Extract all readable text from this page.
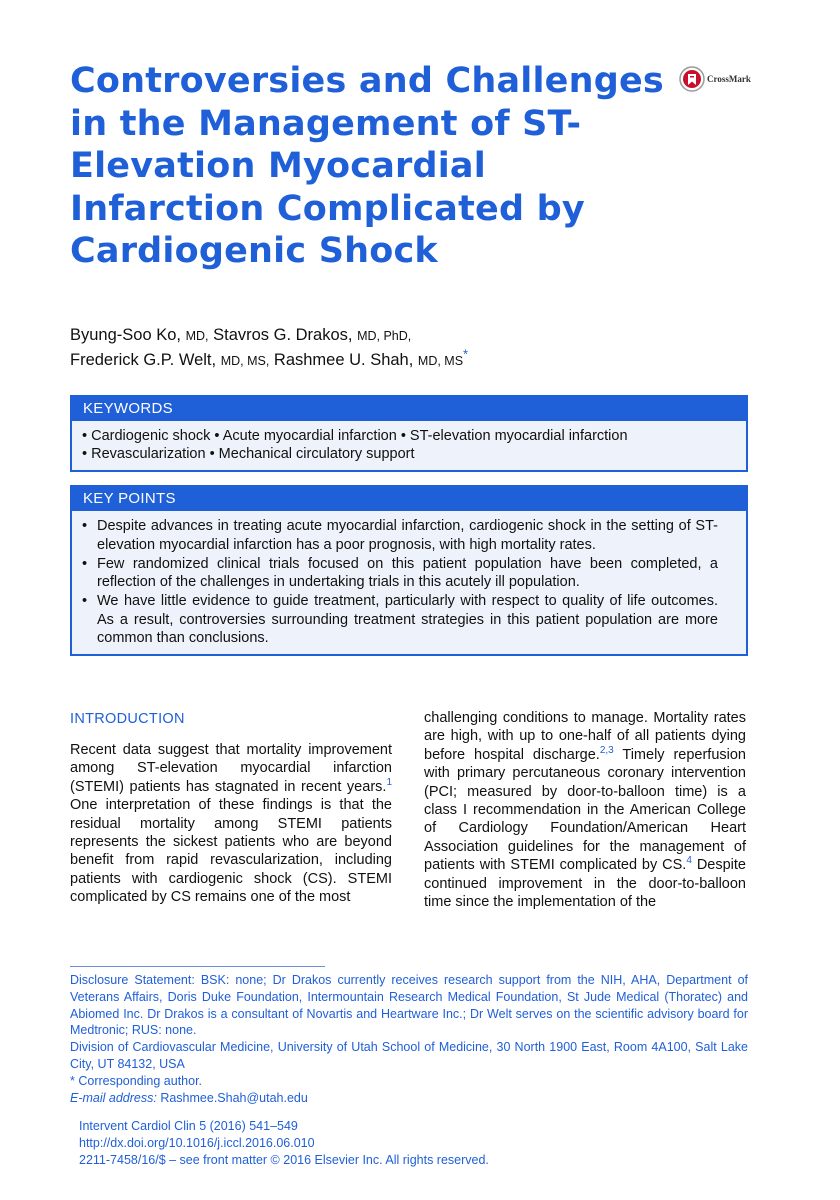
Controversies and Challenges in the Management of ST-Elevation Myocardial Infarction Complicated by Cardiogenic Shock
CrossMark
Byung-Soo Ko, MD, Stavros G. Drakos, MD, PhD,
Frederick G.P. Welt, MD, MS, Rashmee U. Shah, MD, MS*
KEYWORDS
• Cardiogenic shock • Acute myocardial infarction • ST-elevation myocardial infarction
• Revascularization • Mechanical circulatory support
KEY POINTS
• Despite advances in treating acute myocardial infarction, cardiogenic shock in the setting of ST-elevation myocardial infarction has a poor prognosis, with high mortality rates.
• Few randomized clinical trials focused on this patient population have been completed, a reflection of the challenges in undertaking trials in this acutely ill population.
• We have little evidence to guide treatment, particularly with respect to quality of life outcomes. As a result, controversies surrounding treatment strategies in this patient population are more common than conclusions.
INTRODUCTION

Recent data suggest that mortality improvement among ST-elevation myocardial infarction (STEMI) patients has stagnated in recent years.$^1$ One interpretation of these findings is that the residual mortality among STEMI patients represents the sickest patients who are beyond benefit from rapid revascularization, including patients with cardiogenic shock (CS). STEMI complicated by CS remains one of the most

challenging conditions to manage. Mortality rates are high, with up to one-half of all patients dying before hospital discharge.$^{2,3}$ Timely reperfusion with primary percutaneous coronary intervention (PCI; measured by door-to-balloon time) is a class I recommendation in the American College of Cardiology Foundation/American Heart Association guidelines for the management of patients with STEMI complicated by CS.$^4$ Despite continued improvement in the door-to-balloon time since the implementation of the

Disclosure Statement: BSK: none; Dr Drakos currently receives research support from the NIH, AHA, Department of Veterans Affairs, Doris Duke Foundation, Intermountain Research Medical Foundation, St Jude Medical (Thoratec) and Abiomed Inc. Dr Drakos is a consultant of Novartis and Heartware Inc.; Dr Welt serves on the scientific advisory board for Medtronic; RUS: none.

Division of Cardiovascular Medicine, University of Utah School of Medicine, 30 North 1900 East, Room 4A100, Salt Lake City, UT 84132, USA

* Corresponding author.

E-mail address: Rashmee.Shah@utah.edu

Intervent Cardiol Clin 5 (2016) 541–549
http://dx.doi.org/10.1016/j.iccl.2016.06.010
2211-7458/16/$ – see front matter © 2016 Elsevier Inc. All rights reserved.
